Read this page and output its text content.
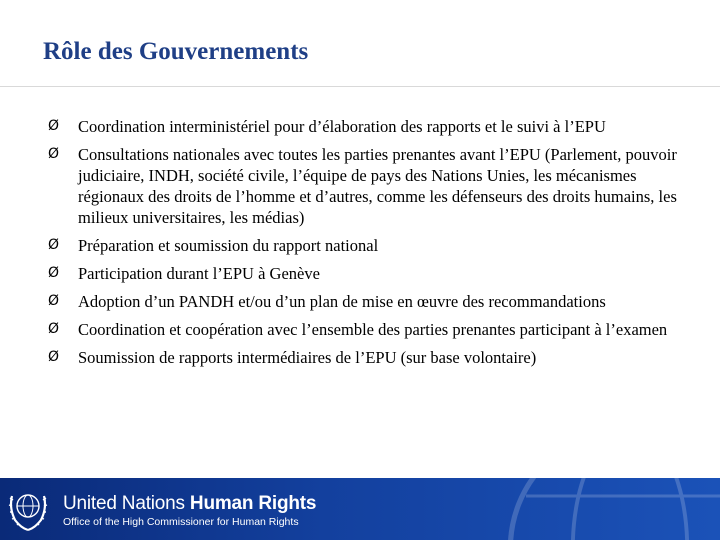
Rôle des Gouvernements
Ø	Coordination interministériel pour d’élaboration des rapports et le suivi à l’EPU
Ø	Consultations nationales avec toutes les parties prenantes avant l’EPU (Parlement, pouvoir judiciaire, INDH, société civile, l’équipe de pays des Nations Unies, les mécanismes régionaux des droits de l’homme et d’autres, comme les défenseurs des droits humains, les milieux universitaires, les médias)
Ø	Préparation et soumission du rapport national
Ø	Participation durant l’EPU à Genève
Ø	Adoption d’un PANDH et/ou d’un plan de mise en œuvre des recommandations
Ø	Coordination et coopération avec l’ensemble des parties prenantes participant à l’examen
Ø	Soumission de rapports intermédiaires de l’EPU (sur base volontaire)
United Nations Human Rights
Office of the High Commissioner for Human Rights
